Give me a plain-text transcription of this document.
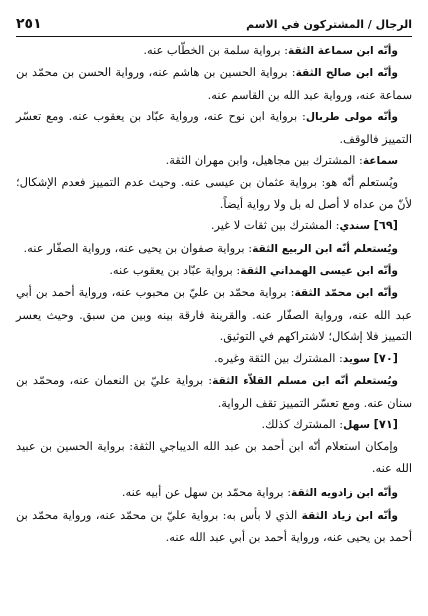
الرجال / المشتركون في الاسم
٢٥١

وأنّه ابن سماعة الثقة: برواية سلمة بن الخطّاب عنه.

وأنّه ابن صالح الثقة: برواية الحسين بن هاشم عنه، ورواية الحسن بن محمّد بن سماعة عنه، ورواية عبد الله بن القاسم عنه.

وأنّه مولى طربال: برواية ابن نوح عنه، ورواية عبّاد بن يعقوب عنه. ومع تعسّر التمييز فالوقف.

سماعة: المشترك بين مجاهيل، وابن مهران الثقة.

ويُستعلم أنّه هو: برواية عثمان بن عيسى عنه. وحيث عدم التمييز فعدم الإشكال؛ لأنّ من عداه لا أصل له بل ولا رواية أيضاً.

[٦٩] سندي: المشترك بين ثقات لا غير.

ويُستعلم أنّه ابن الربيع الثقة: برواية صفوان بن يحيى عنه، ورواية الصفّار عنه.

وأنّه ابن عيسى الهمداني الثقة: برواية عبّاد بن يعقوب عنه.

وأنّه ابن محمّد الثقة: برواية محمّد بن عليّ بن محبوب عنه، ورواية أحمد بن أبي عبد الله عنه، ورواية الصفّار عنه. والقرينة فارقة بينه وبين من سبق. وحيث يعسر التمييز فلا إشكال؛ لاشتراكهم في التوثيق.

[٧٠] سويد: المشترك بين الثقة وغيره.

ويُستعلم أنّه ابن مسلم القلاّء الثقة: برواية عليّ بن النعمان عنه، ومحمّد بن سنان عنه. ومع تعسّر التمييز تقف الرواية.

[٧١] سهل: المشترك كذلك.

وإمكان استعلام أنّه ابن أحمد بن عبد الله الديباجي الثقة: برواية الحسين بن عبيد الله عنه.

وأنّه ابن زادويه الثقة: برواية محمّد بن سهل عن أبيه عنه.

وأنّه ابن زياد الثقة الذي لا بأس به: برواية عليّ بن محمّد عنه، ورواية محمّد بن أحمد بن يحيى عنه، ورواية أحمد بن أبي عبد الله عنه.
